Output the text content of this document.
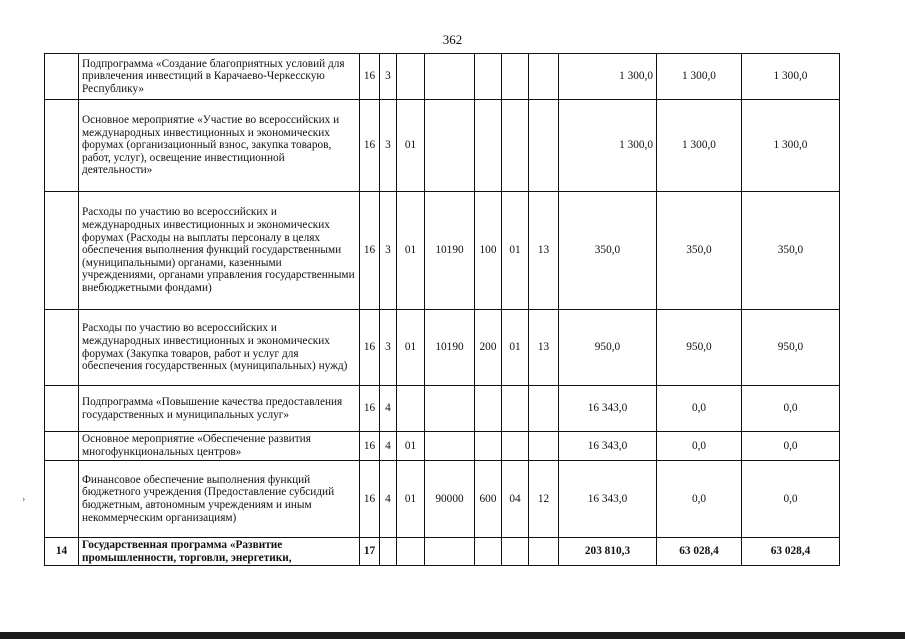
362
	Подпрограмма «Создание благоприятных условий для привлечения инвестиций в Карачаево-Черкесскую Республику»	16	3						1 300,0	1 300,0	1 300,0
	Основное мероприятие «Участие во всероссийских и международных инвестиционных и экономических форумах (организационный взнос, закупка товаров, работ, услуг), освещение инвестиционной деятельности»	16	3	01					1 300,0	1 300,0	1 300,0
	Расходы по участию во всероссийских и международных инвестиционных и экономических форумах (Расходы на выплаты персоналу в целях обеспечения выполнения функций государственными (муниципальными) органами, казенными учреждениями, органами управления государственными внебюджетными фондами)	16	3	01	10190	100	01	13	350,0	350,0	350,0
	Расходы по участию во всероссийских и международных инвестиционных и экономических форумах (Закупка товаров, работ и услуг для обеспечения государственных (муниципальных) нужд)	16	3	01	10190	200	01	13	950,0	950,0	950,0
	Подпрограмма «Повышение качества предоставления государственных и муниципальных услуг»	16	4						16 343,0	0,0	0,0
	Основное мероприятие «Обеспечение развития многофункциональных центров»	16	4	01					16 343,0	0,0	0,0
	Финансовое обеспечение выполнения функций бюджетного учреждения (Предоставление субсидий бюджетным, автономным учреждениям и иным некоммерческим организациям)	16	4	01	90000	600	04	12	16 343,0	0,0	0,0
14	Государственная программа «Развитие промышленности, торговли, энергетики,	17							203 810,3	63 028,4	63 028,4
›
